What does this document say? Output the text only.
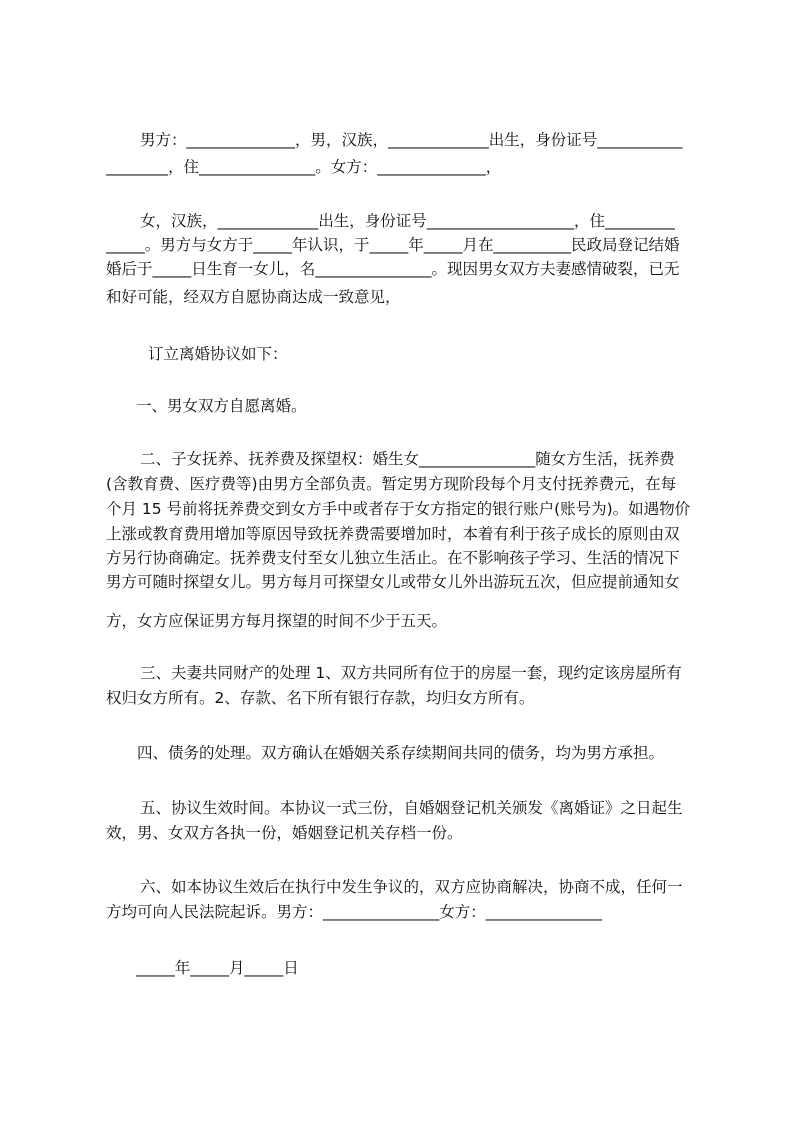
男方：______________，男，汉族，_____________出生，身份证号___________
________，住_______________。女方：______________，
女，汉族，_____________出生，身份证号___________________，住_________
_____。男方与女方于_____年认识，于_____年_____月在__________民政局登记结婚
婚后于_____日生育一女儿，名_______________。现因男女双方夫妻感情破裂，已无
和好可能，经双方自愿协商达成一致意见，
订立离婚协议如下：
一、男女双方自愿离婚。
二、子女抚养、抚养费及探望权：婚生女_______________随女方生活，抚养费
(含教育费、医疗费等)由男方全部负责。暂定男方现阶段每个月支付抚养费元，在每
个月 15 号前将抚养费交到女方手中或者存于女方指定的银行账户(账号为)。如遇物价
上涨或教育费用增加等原因导致抚养费需要增加时，本着有利于孩子成长的原则由双
方另行协商确定。抚养费支付至女儿独立生活止。在不影响孩子学习、生活的情况下
男方可随时探望女儿。男方每月可探望女儿或带女儿外出游玩五次，但应提前通知女
方，女方应保证男方每月探望的时间不少于五天。
三、夫妻共同财产的处理 1、双方共同所有位于的房屋一套，现约定该房屋所有
权归女方所有。2、存款、名下所有银行存款，均归女方所有。
四、债务的处理。双方确认在婚姻关系存续期间共同的债务，均为男方承担。
五、协议生效时间。本协议一式三份，自婚姻登记机关颁发《离婚证》之日起生
效，男、女双方各执一份，婚姻登记机关存档一份。
六、如本协议生效后在执行中发生争议的，双方应协商解决，协商不成，任何一
方均可向人民法院起诉。男方：_______________女方：_______________
_____年_____月_____日
